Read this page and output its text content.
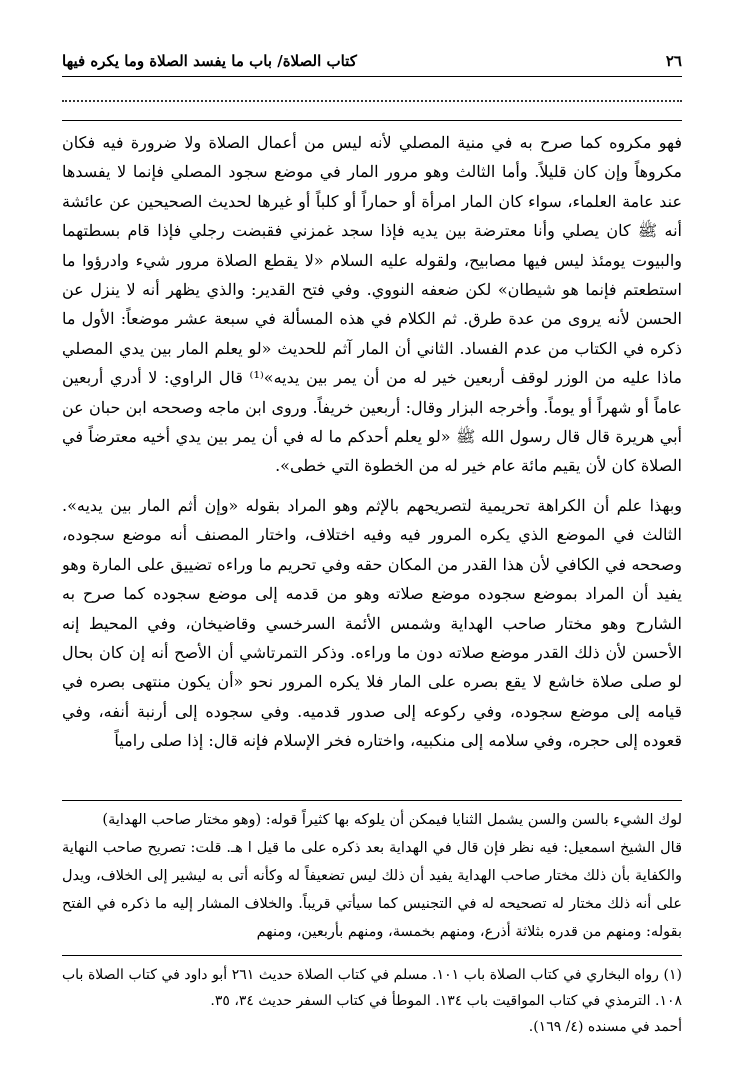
٢٦
كتاب الصلاة/ باب ما يفسد الصلاة وما يكره فيها

فهو مكروه كما صرح به في منية المصلي لأنه ليس من أعمال الصلاة ولا ضرورة فيه فكان مكروهاً وإن كان قليلاً. وأما الثالث وهو مرور المار في موضع سجود المصلي فإنما لا يفسدها عند عامة العلماء، سواء كان المار امرأة أو حماراً أو كلباً أو غيرها لحديث الصحيحين عن عائشة أنه ﷺ كان يصلي وأنا معترضة بين يديه فإذا سجد غمزني فقبضت رجلي فإذا قام بسطتهما والبيوت يومئذ ليس فيها مصابيح، ولقوله عليه السلام «لا يقطع الصلاة مرور شيء وادرؤوا ما استطعتم فإنما هو شيطان» لكن ضعفه النووي. وفي فتح القدير: والذي يظهر أنه لا ينزل عن الحسن لأنه يروى من عدة طرق. ثم الكلام في هذه المسألة في سبعة عشر موضعاً: الأول ما ذكره في الكتاب من عدم الفساد. الثاني أن المار آثم للحديث «لو يعلم المار بين يدي المصلي ماذا عليه من الوزر لوقف أربعين خير له من أن يمر بين يديه»⁽¹⁾ قال الراوي: لا أدري أربعين عاماً أو شهراً أو يوماً. وأخرجه البزار وقال: أربعين خريفاً. وروى ابن ماجه وصححه ابن حبان عن أبي هريرة قال قال رسول الله ﷺ «لو يعلم أحدكم ما له في أن يمر بين يدي أخيه معترضاً في الصلاة كان لأن يقيم مائة عام خير له من الخطوة التي خطى».

وبهذا علم أن الكراهة تحريمية لتصريحهم بالإثم وهو المراد بقوله «وإن أثم المار بين يديه». الثالث في الموضع الذي يكره المرور فيه وفيه اختلاف، واختار المصنف أنه موضع سجوده، وصححه في الكافي لأن هذا القدر من المكان حقه وفي تحريم ما وراءه تضييق على المارة وهو يفيد أن المراد بموضع سجوده موضع صلاته وهو من قدمه إلى موضع سجوده كما صرح به الشارح وهو مختار صاحب الهداية وشمس الأئمة السرخسي وقاضيخان، وفي المحيط إنه الأحسن لأن ذلك القدر موضع صلاته دون ما وراءه. وذكر التمرتاشي أن الأصح أنه إن كان بحال لو صلى صلاة خاشع لا يقع بصره على المار فلا يكره المرور نحو «أن يكون منتهى بصره في قيامه إلى موضع سجوده، وفي ركوعه إلى صدور قدميه. وفي سجوده إلى أرنبة أنفه، وفي قعوده إلى حجره، وفي سلامه إلى منكبيه، واختاره فخر الإسلام فإنه قال: إذا صلى رامياً

لوك الشيء بالسن والسن يشمل الثنايا فيمكن أن يلوكه بها كثيراً قوله: (وهو مختار صاحب الهداية)

قال الشيخ اسمعيل: فيه نظر فإن قال في الهداية بعد ذكره على ما قيل ا هـ. قلت: تصريح صاحب النهاية والكفاية بأن ذلك مختار صاحب الهداية يفيد أن ذلك ليس تضعيفاً له وكأنه أتى به ليشير إلى الخلاف، ويدل على أنه ذلك مختار له تصحيحه له في التجنيس كما سيأتي قريباً. والخلاف المشار إليه ما ذكره في الفتح بقوله: ومنهم من قدره بثلاثة أذرع، ومنهم بخمسة، ومنهم بأربعين، ومنهم

(١) رواه البخاري في كتاب الصلاة باب ١٠١. مسلم في كتاب الصلاة حديث ٢٦١ أبو داود في كتاب الصلاة باب ١٠٨. الترمذي في كتاب المواقيت باب ١٣٤. الموطأ في كتاب السفر حديث ٣٤، ٣٥.

أحمد في مسنده (٤/ ١٦٩).
